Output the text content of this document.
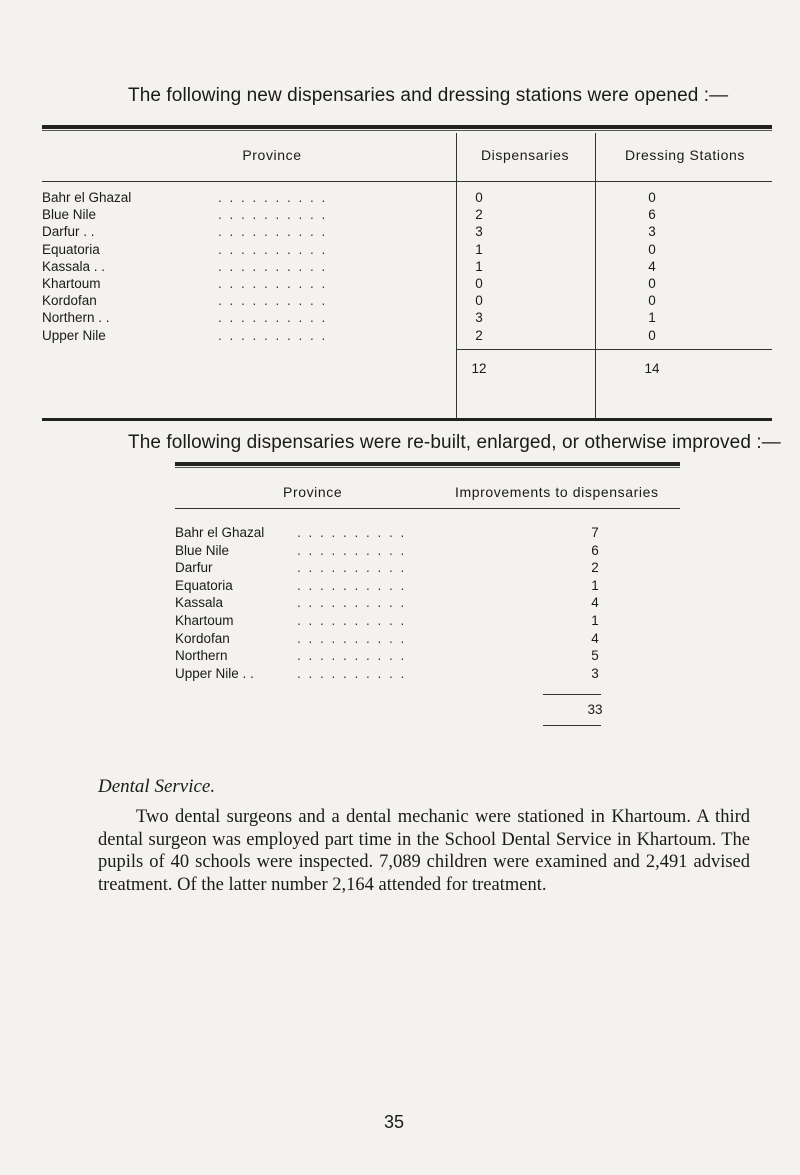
The following new dispensaries and dressing stations were opened :—
Province	Dispensaries	Dressing Stations
Bahr el Ghazal	. . . . . . . . . .	0	0
Blue Nile	. . . . . . . . . .	2	6
Darfur . .	. . . . . . . . . .	3	3
Equatoria	. . . . . . . . . .	1	0
Kassala . .	. . . . . . . . . .	1	4
Khartoum	. . . . . . . . . .	0	0
Kordofan	. . . . . . . . . .	0	0
Northern . .	. . . . . . . . . .	3	1
Upper Nile	. . . . . . . . . .	2	0
12	14
The following dispensaries were re-built, enlarged, or otherwise improved :—
Province	Improvements to dispensaries
Bahr el Ghazal . . . . . . . . . .	7
Blue Nile	. . . . . . . . . .	6
Darfur	. . . . . . . . . .	2
Equatoria	. . . . . . . . . .	1
Kassala	. . . . . . . . . .	4
Khartoum	. . . . . . . . . .	1
Kordofan	. . . . . . . . . .	4
Northern	. . . . . . . . . .	5
Upper Nile . .	. . . . . . . . . .	3
33
Dental Service.
Two dental surgeons and a dental mechanic were stationed in Khartoum. A third dental surgeon was employed part time in the School Dental Service in Khartoum. The pupils of 40 schools were inspected. 7,089 children were examined and 2,491 advised treatment. Of the latter number 2,164 attended for treatment.
35
